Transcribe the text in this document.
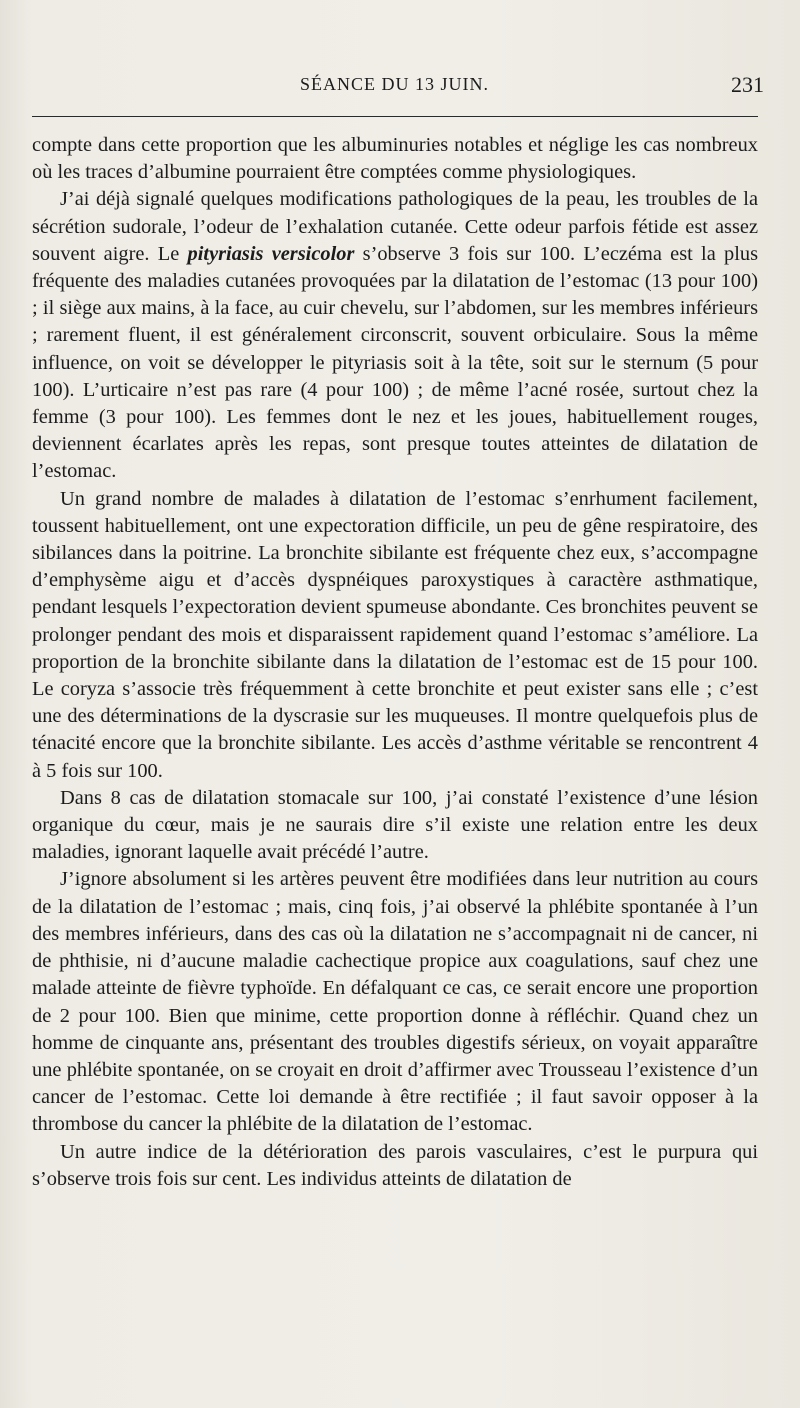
SÉANCE DU 13 JUIN.	231

compte dans cette proportion que les albuminuries notables et néglige les cas nombreux où les traces d’albumine pourraient être comptées comme physiologiques.

J’ai déjà signalé quelques modifications pathologiques de la peau, les troubles de la sécrétion sudorale, l’odeur de l’exhalation cutanée. Cette odeur parfois fétide est assez souvent aigre. Le pityriasis versicolor s’observe 3 fois sur 100. L’eczéma est la plus fréquente des maladies cutanées provoquées par la dilatation de l’estomac (13 pour 100) ; il siège aux mains, à la face, au cuir chevelu, sur l’abdomen, sur les membres inférieurs ; rarement fluent, il est généralement circonscrit, souvent orbiculaire. Sous la même influence, on voit se développer le pityriasis soit à la tête, soit sur le sternum (5 pour 100). L’urticaire n’est pas rare (4 pour 100) ; de même l’acné rosée, surtout chez la femme (3 pour 100). Les femmes dont le nez et les joues, habituellement rouges, deviennent écarlates après les repas, sont presque toutes atteintes de dilatation de l’estomac.

Un grand nombre de malades à dilatation de l’estomac s’enrhument facilement, toussent habituellement, ont une expectoration difficile, un peu de gêne respiratoire, des sibilances dans la poitrine. La bronchite sibilante est fréquente chez eux, s’accompagne d’emphysème aigu et d’accès dyspnéiques paroxystiques à caractère asthmatique, pendant lesquels l’expectoration devient spumeuse abondante. Ces bronchites peuvent se prolonger pendant des mois et disparaissent rapidement quand l’estomac s’améliore. La proportion de la bronchite sibilante dans la dilatation de l’estomac est de 15 pour 100. Le coryza s’associe très fréquemment à cette bronchite et peut exister sans elle ; c’est une des déterminations de la dyscrasie sur les muqueuses. Il montre quelquefois plus de ténacité encore que la bronchite sibilante. Les accès d’asthme véritable se rencontrent 4 à 5 fois sur 100.

Dans 8 cas de dilatation stomacale sur 100, j’ai constaté l’existence d’une lésion organique du cœur, mais je ne saurais dire s’il existe une relation entre les deux maladies, ignorant laquelle avait précédé l’autre.

J’ignore absolument si les artères peuvent être modifiées dans leur nutrition au cours de la dilatation de l’estomac ; mais, cinq fois, j’ai observé la phlébite spontanée à l’un des membres inférieurs, dans des cas où la dilatation ne s’accompagnait ni de cancer, ni de phthisie, ni d’aucune maladie cachectique propice aux coagulations, sauf chez une malade atteinte de fièvre typhoïde. En défalquant ce cas, ce serait encore une proportion de 2 pour 100. Bien que minime, cette proportion donne à réfléchir. Quand chez un homme de cinquante ans, présentant des troubles digestifs sérieux, on voyait apparaître une phlébite spontanée, on se croyait en droit d’affirmer avec Trousseau l’existence d’un cancer de l’estomac. Cette loi demande à être rectifiée ; il faut savoir opposer à la thrombose du cancer la phlébite de la dilatation de l’estomac.

Un autre indice de la détérioration des parois vasculaires, c’est le purpura qui s’observe trois fois sur cent. Les individus atteints de dilatation de
